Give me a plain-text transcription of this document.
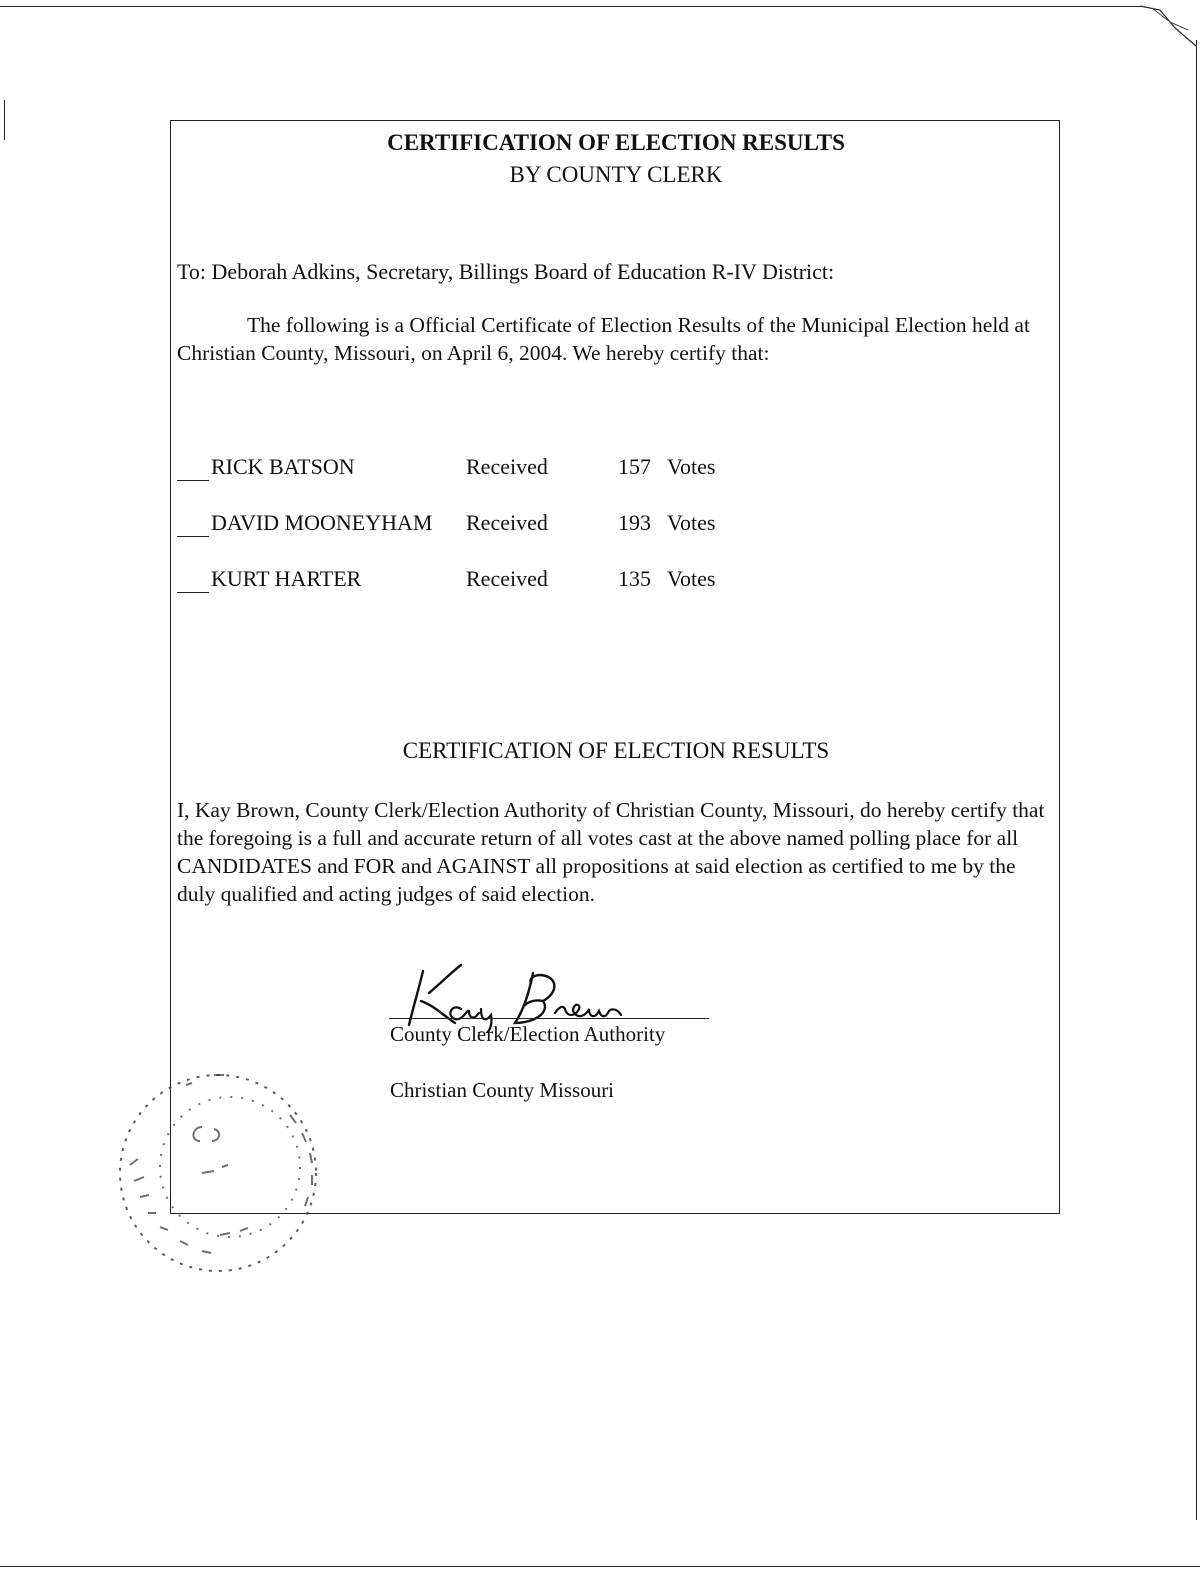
CERTIFICATION OF ELECTION RESULTS
BY COUNTY CLERK
To: Deborah Adkins, Secretary, Billings Board of Education R-IV District:
The following is a Official Certificate of Election Results of the Municipal Election held at Christian County, Missouri, on April 6, 2004. We hereby certify that:
RICK BATSON	Received	157 Votes
DAVID MOONEYHAM Received	193 Votes
KURT HARTER	Received	135 Votes
CERTIFICATION OF ELECTION RESULTS
I, Kay Brown, County Clerk/Election Authority of Christian County, Missouri, do hereby certify that the foregoing is a full and accurate return of all votes cast at the above named polling place for all CANDIDATES and FOR and AGAINST all propositions at said election as certified to me by the duly qualified and acting judges of said election.
County Clerk/Election Authority
Christian County Missouri
